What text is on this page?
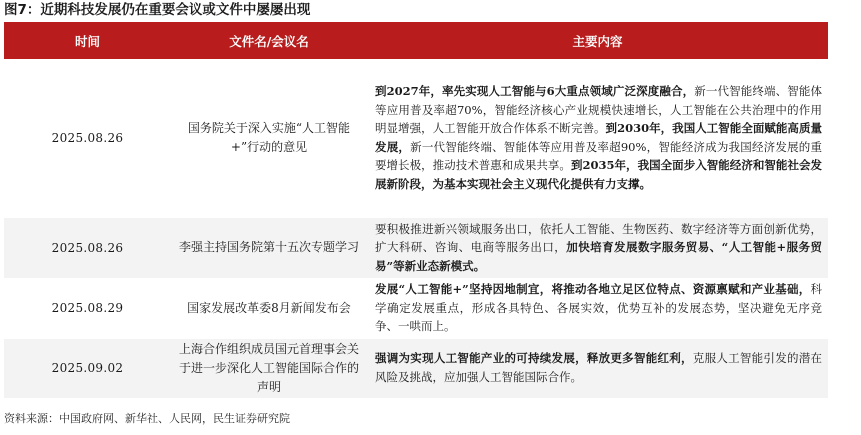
图7：近期科技发展仍在重要会议或文件中屡屡出现
时间	文件名/会议名	主要内容
2025.08.26	国务院关于深入实施“人工智能+”行动的意见	到2027年，率先实现人工智能与6大重点领域广泛深度融合，新一代智能终端、智能体等应用普及率超70%，智能经济核心产业规模快速增长，人工智能在公共治理中的作用明显增强，人工智能开放合作体系不断完善。到2030年，我国人工智能全面赋能高质量发展，新一代智能终端、智能体等应用普及率超90%，智能经济成为我国经济发展的重要增长极，推动技术普惠和成果共享。到2035年，我国全面步入智能经济和智能社会发展新阶段，为基本实现社会主义现代化提供有力支撑。
2025.08.26	李强主持国务院第十五次专题学习	要积极推进新兴领域服务出口，依托人工智能、生物医药、数字经济等方面创新优势，扩大科研、咨询、电商等服务出口，加快培育发展数字服务贸易、“人工智能+服务贸易”等新业态新模式。
2025.08.29	国家发展改革委8月新闻发布会	发展“人工智能+”坚持因地制宜，将推动各地立足区位特点、资源禀赋和产业基础，科学确定发展重点，形成各具特色、各展实效，优势互补的发展态势，坚决避免无序竞争、一哄而上。
2025.09.02	上海合作组织成员国元首理事会关于进一步深化人工智能国际合作的声明	强调为实现人工智能产业的可持续发展，释放更多智能红利，克服人工智能引发的潜在风险及挑战，应加强人工智能国际合作。
资料来源：中国政府网、新华社、人民网，民生证券研究院
